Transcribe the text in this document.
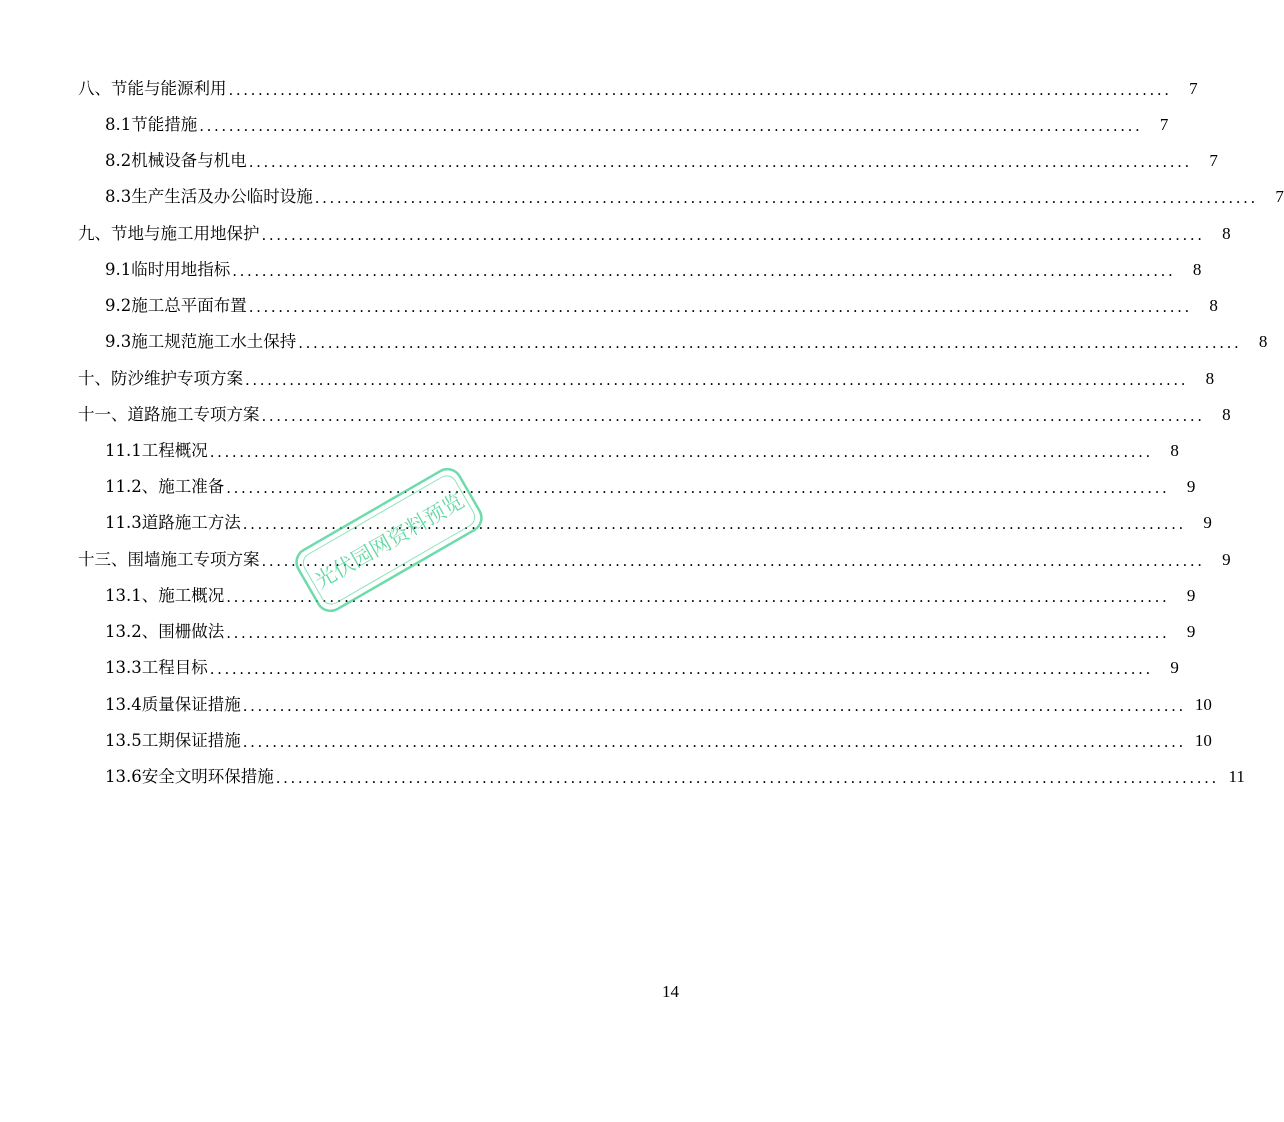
八、节能与能源利用 ................................................................................................................................	7
8.1节能措施 ................................................................................................................................	7
8.2机械设备与机电 ................................................................................................................................	7
8.3生产生活及办公临时设施 ................................................................................................................................	7
九、节地与施工用地保护 ................................................................................................................................	8
9.1临时用地指标 ................................................................................................................................	8
9.2施工总平面布置 ................................................................................................................................	8
9.3施工规范施工水土保持 ................................................................................................................................	8
十、防沙维护专项方案 ................................................................................................................................	8
十一、道路施工专项方案 ................................................................................................................................	8
11.1工程概况 ................................................................................................................................	8
11.2、施工准备 ................................................................................................................................	9
11.3道路施工方法 ................................................................................................................................	9
十三、围墙施工专项方案 ................................................................................................................................	9
13.1、施工概况 ................................................................................................................................	9
13.2、围栅做法 ................................................................................................................................	9
13.3工程目标 ................................................................................................................................	9
13.4质量保证措施 ................................................................................................................................ 10
13.5工期保证措施 ................................................................................................................................ 10
13.6安全文明环保措施 ................................................................................................................................ 11
光伏园网资料预览
14
